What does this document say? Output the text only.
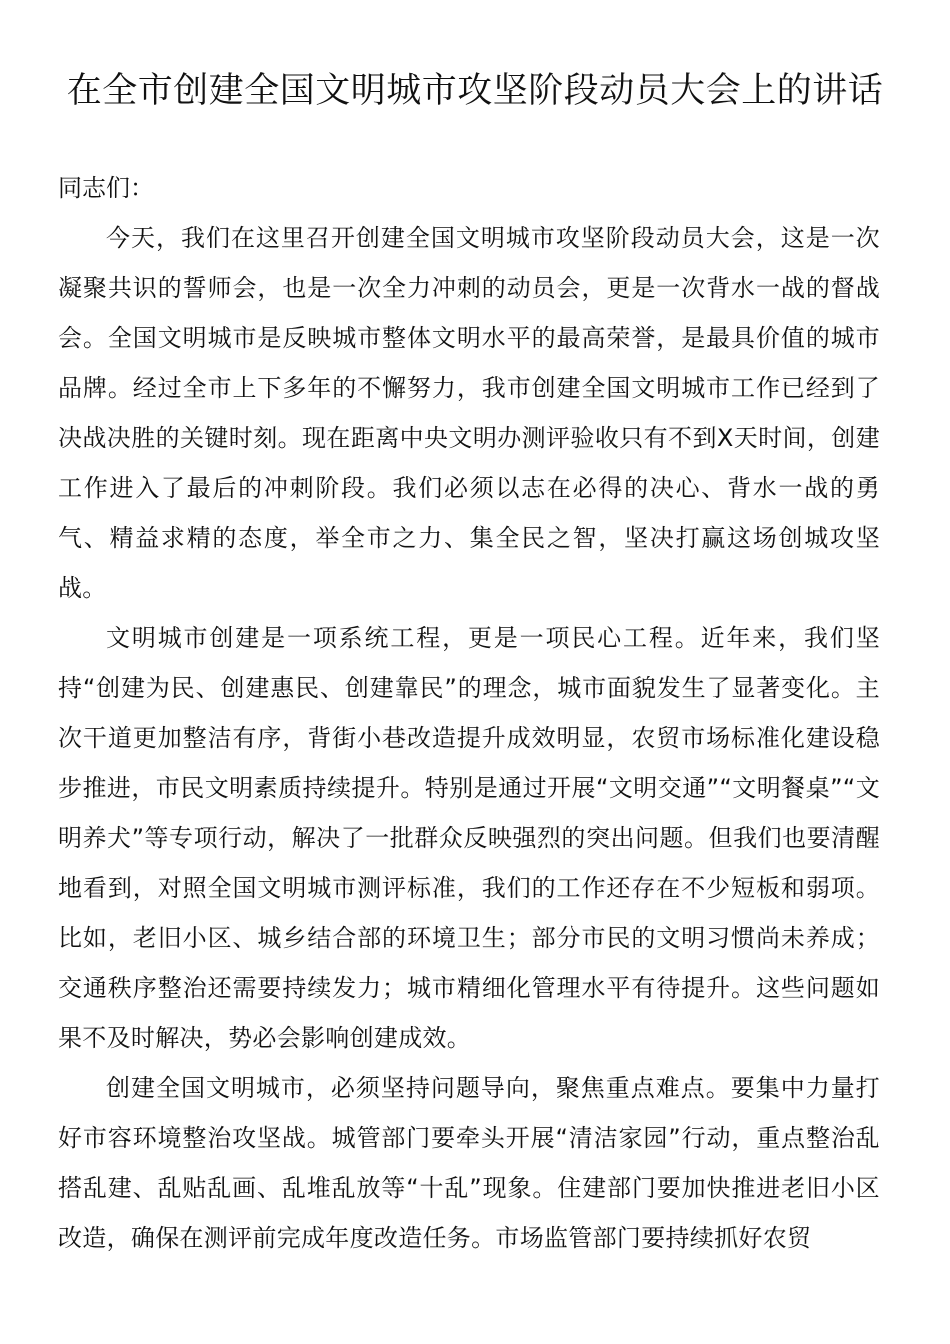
在全市创建全国文明城市攻坚阶段动员大会上的讲话

同志们：

今天，我们在这里召开创建全国文明城市攻坚阶段动员大会，这是一次凝聚共识的誓师会，也是一次全力冲刺的动员会，更是一次背水一战的督战会。全国文明城市是反映城市整体文明水平的最高荣誉，是最具价值的城市品牌。经过全市上下多年的不懈努力，我市创建全国文明城市工作已经到了决战决胜的关键时刻。现在距离中央文明办测评验收只有不到X天时间，创建工作进入了最后的冲刺阶段。我们必须以志在必得的决心、背水一战的勇气、精益求精的态度，举全市之力、集全民之智，坚决打赢这场创城攻坚战。

文明城市创建是一项系统工程，更是一项民心工程。近年来，我们坚持“创建为民、创建惠民、创建靠民”的理念，城市面貌发生了显著变化。主次干道更加整洁有序，背街小巷改造提升成效明显，农贸市场标准化建设稳步推进，市民文明素质持续提升。特别是通过开展“文明交通”“文明餐桌”“文明养犬”等专项行动，解决了一批群众反映强烈的突出问题。但我们也要清醒地看到，对照全国文明城市测评标准，我们的工作还存在不少短板和弱项。比如，老旧小区、城乡结合部的环境卫生；部分市民的文明习惯尚未养成；交通秩序整治还需要持续发力；城市精细化管理水平有待提升。这些问题如果不及时解决，势必会影响创建成效。

创建全国文明城市，必须坚持问题导向，聚焦重点难点。要集中力量打好市容环境整治攻坚战。城管部门要牵头开展“清洁家园”行动，重点整治乱搭乱建、乱贴乱画、乱堆乱放等“十乱”现象。住建部门要加快推进老旧小区改造，确保在测评前完成年度改造任务。市场监管部门要持续抓好农贸
